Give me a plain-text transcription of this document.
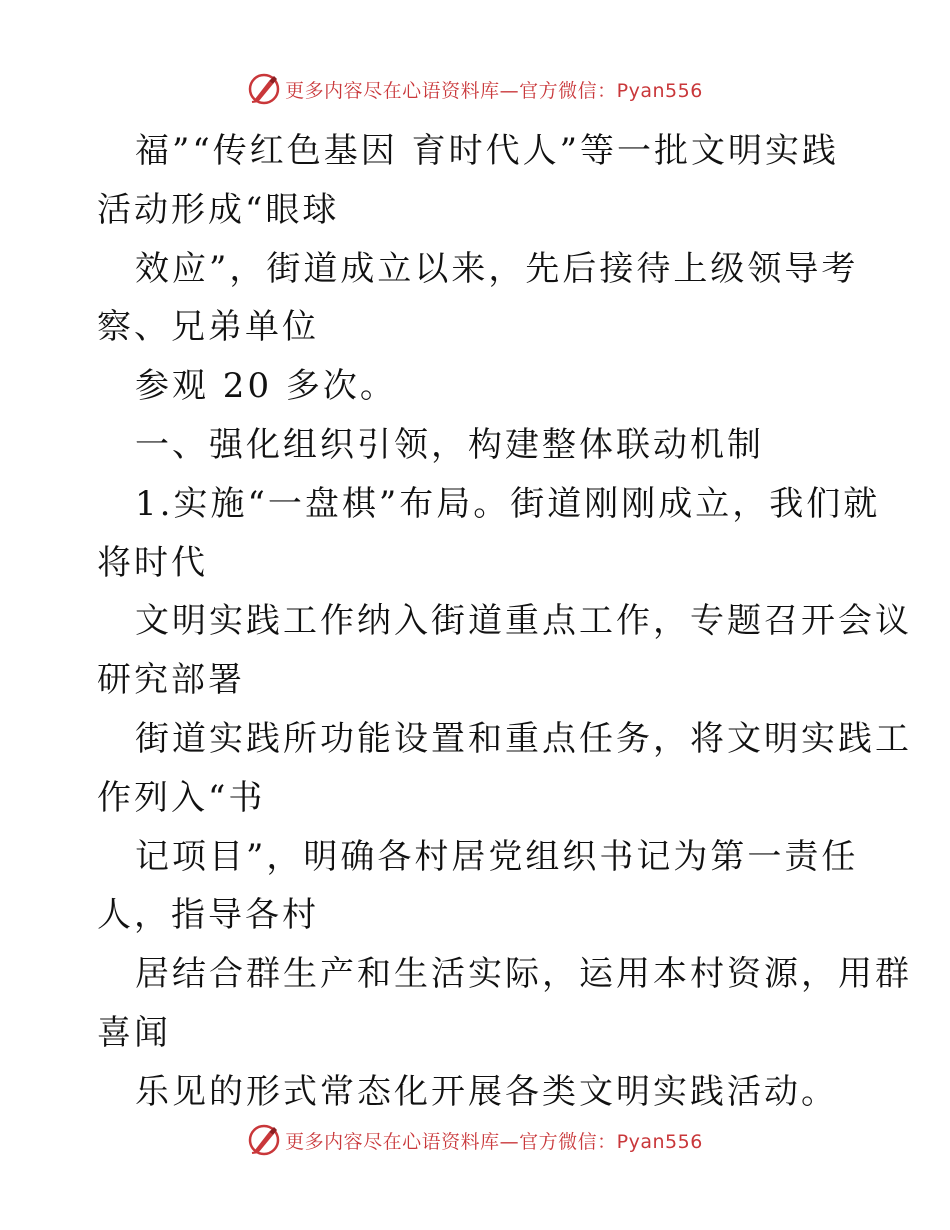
更多内容尽在心语资料库—官方微信：Pyan556
福”“传红色基因 育时代人”等一批文明实践
活动形成“眼球
效应”，街道成立以来，先后接待上级领导考
察、兄弟单位
参观 20 多次。
一、强化组织引领，构建整体联动机制
1.实施“一盘棋”布局。街道刚刚成立，我们就
将时代
文明实践工作纳入街道重点工作，专题召开会议
研究部署
街道实践所功能设置和重点任务，将文明实践工
作列入“书
记项目”，明确各村居党组织书记为第一责任
人，指导各村
居结合群生产和生活实际，运用本村资源，用群
喜闻
乐见的形式常态化开展各类文明实践活动。
更多内容尽在心语资料库—官方微信：Pyan556
